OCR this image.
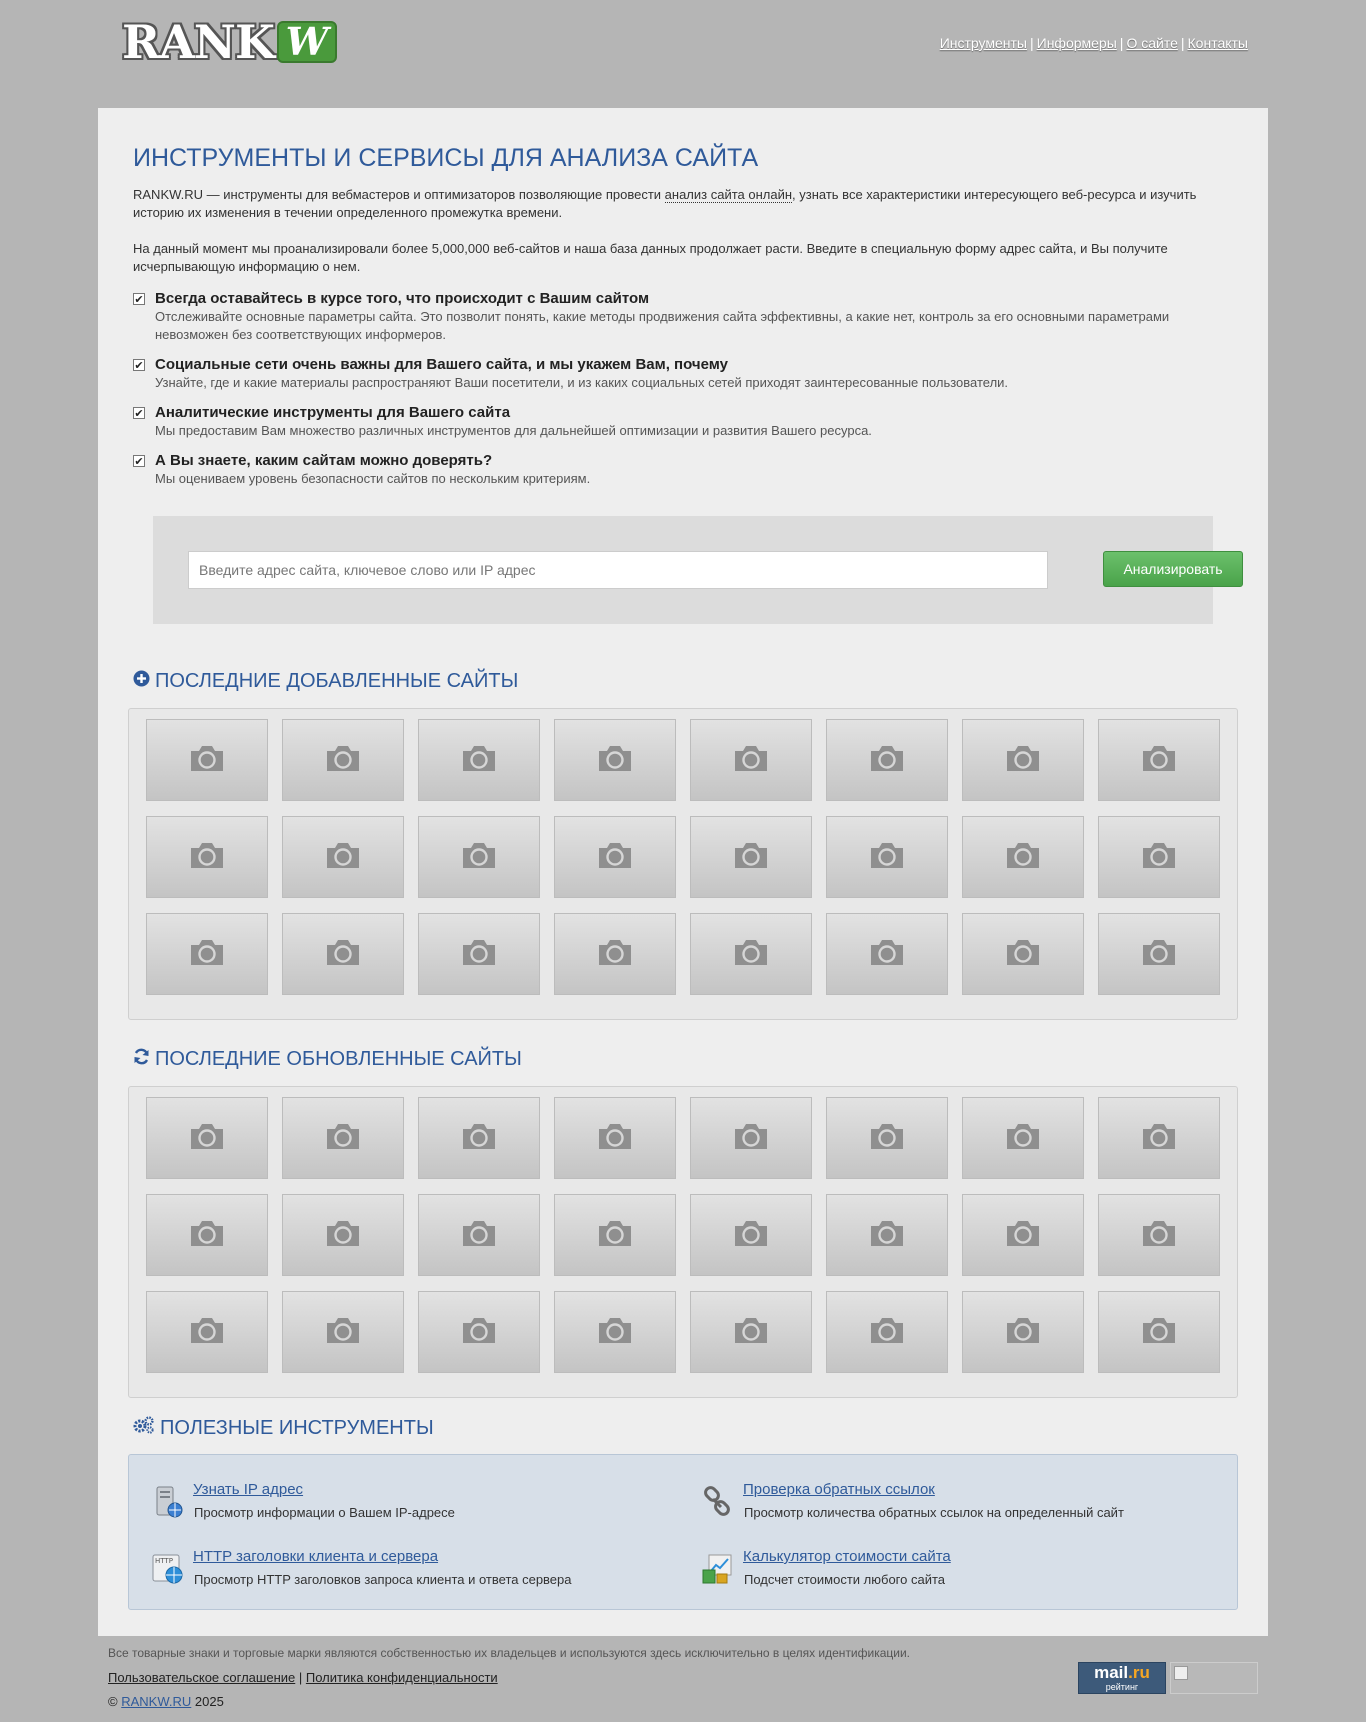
RANK W	Инструменты | Информеры | О сайте | Контакты
ИНСТРУМЕНТЫ И СЕРВИСЫ ДЛЯ АНАЛИЗА САЙТА
RANKW.RU — инструменты для вебмастеров и оптимизаторов позволяющие провести анализ сайта онлайн, узнать все характеристики интересующего веб-ресурса и изучить историю их изменения в течении определенного промежутка времени.
На данный момент мы проанализировали более 5,000,000 веб-сайтов и наша база данных продолжает расти. Введите в специальную форму адрес сайта, и Вы получите исчерпывающую информацию о нем.
✔ Всегда оставайтесь в курсе того, что происходит с Вашим сайтом
Отслеживайте основные параметры сайта. Это позволит понять, какие методы продвижения сайта эффективны, а какие нет, контроль за его основными параметрами невозможен без соответствующих информеров.
✔ Социальные сети очень важны для Вашего сайта, и мы укажем Вам, почему
Узнайте, где и какие материалы распространяют Ваши посетители, и из каких социальных сетей приходят заинтересованные пользователи.
✔ Аналитические инструменты для Вашего сайта
Мы предоставим Вам множество различных инструментов для дальнейшей оптимизации и развития Вашего ресурса.
✔ А Вы знаете, каким сайтам можно доверять?
Мы оцениваем уровень безопасности сайтов по нескольким критериям.
Введите адрес сайта, ключевое слово или IP адрес
Анализировать
ПОСЛЕДНИЕ ДОБАВЛЕННЫЕ САЙТЫ
ПОСЛЕДНИЕ ОБНОВЛЕННЫЕ САЙТЫ
ПОЛЕЗНЫЕ ИНСТРУМЕНТЫ
Узнать IP адрес
Просмотр информации о Вашем IP-адресе
Проверка обратных ссылок
Просмотр количества обратных ссылок на определенный сайт
HTTP HTTP заголовки клиента и сервера
Просмотр HTTP заголовков запроса клиента и ответа сервера
Калькулятор стоимости сайта
Подсчет стоимости любого сайта
Все товарные знаки и торговые марки являются собственностью их владельцев и используются здесь исключительно в целях идентификации.
Пользовательское соглашение | Политика конфиденциальности
© RANKW.RU 2025
mail.ru
рейтинг
